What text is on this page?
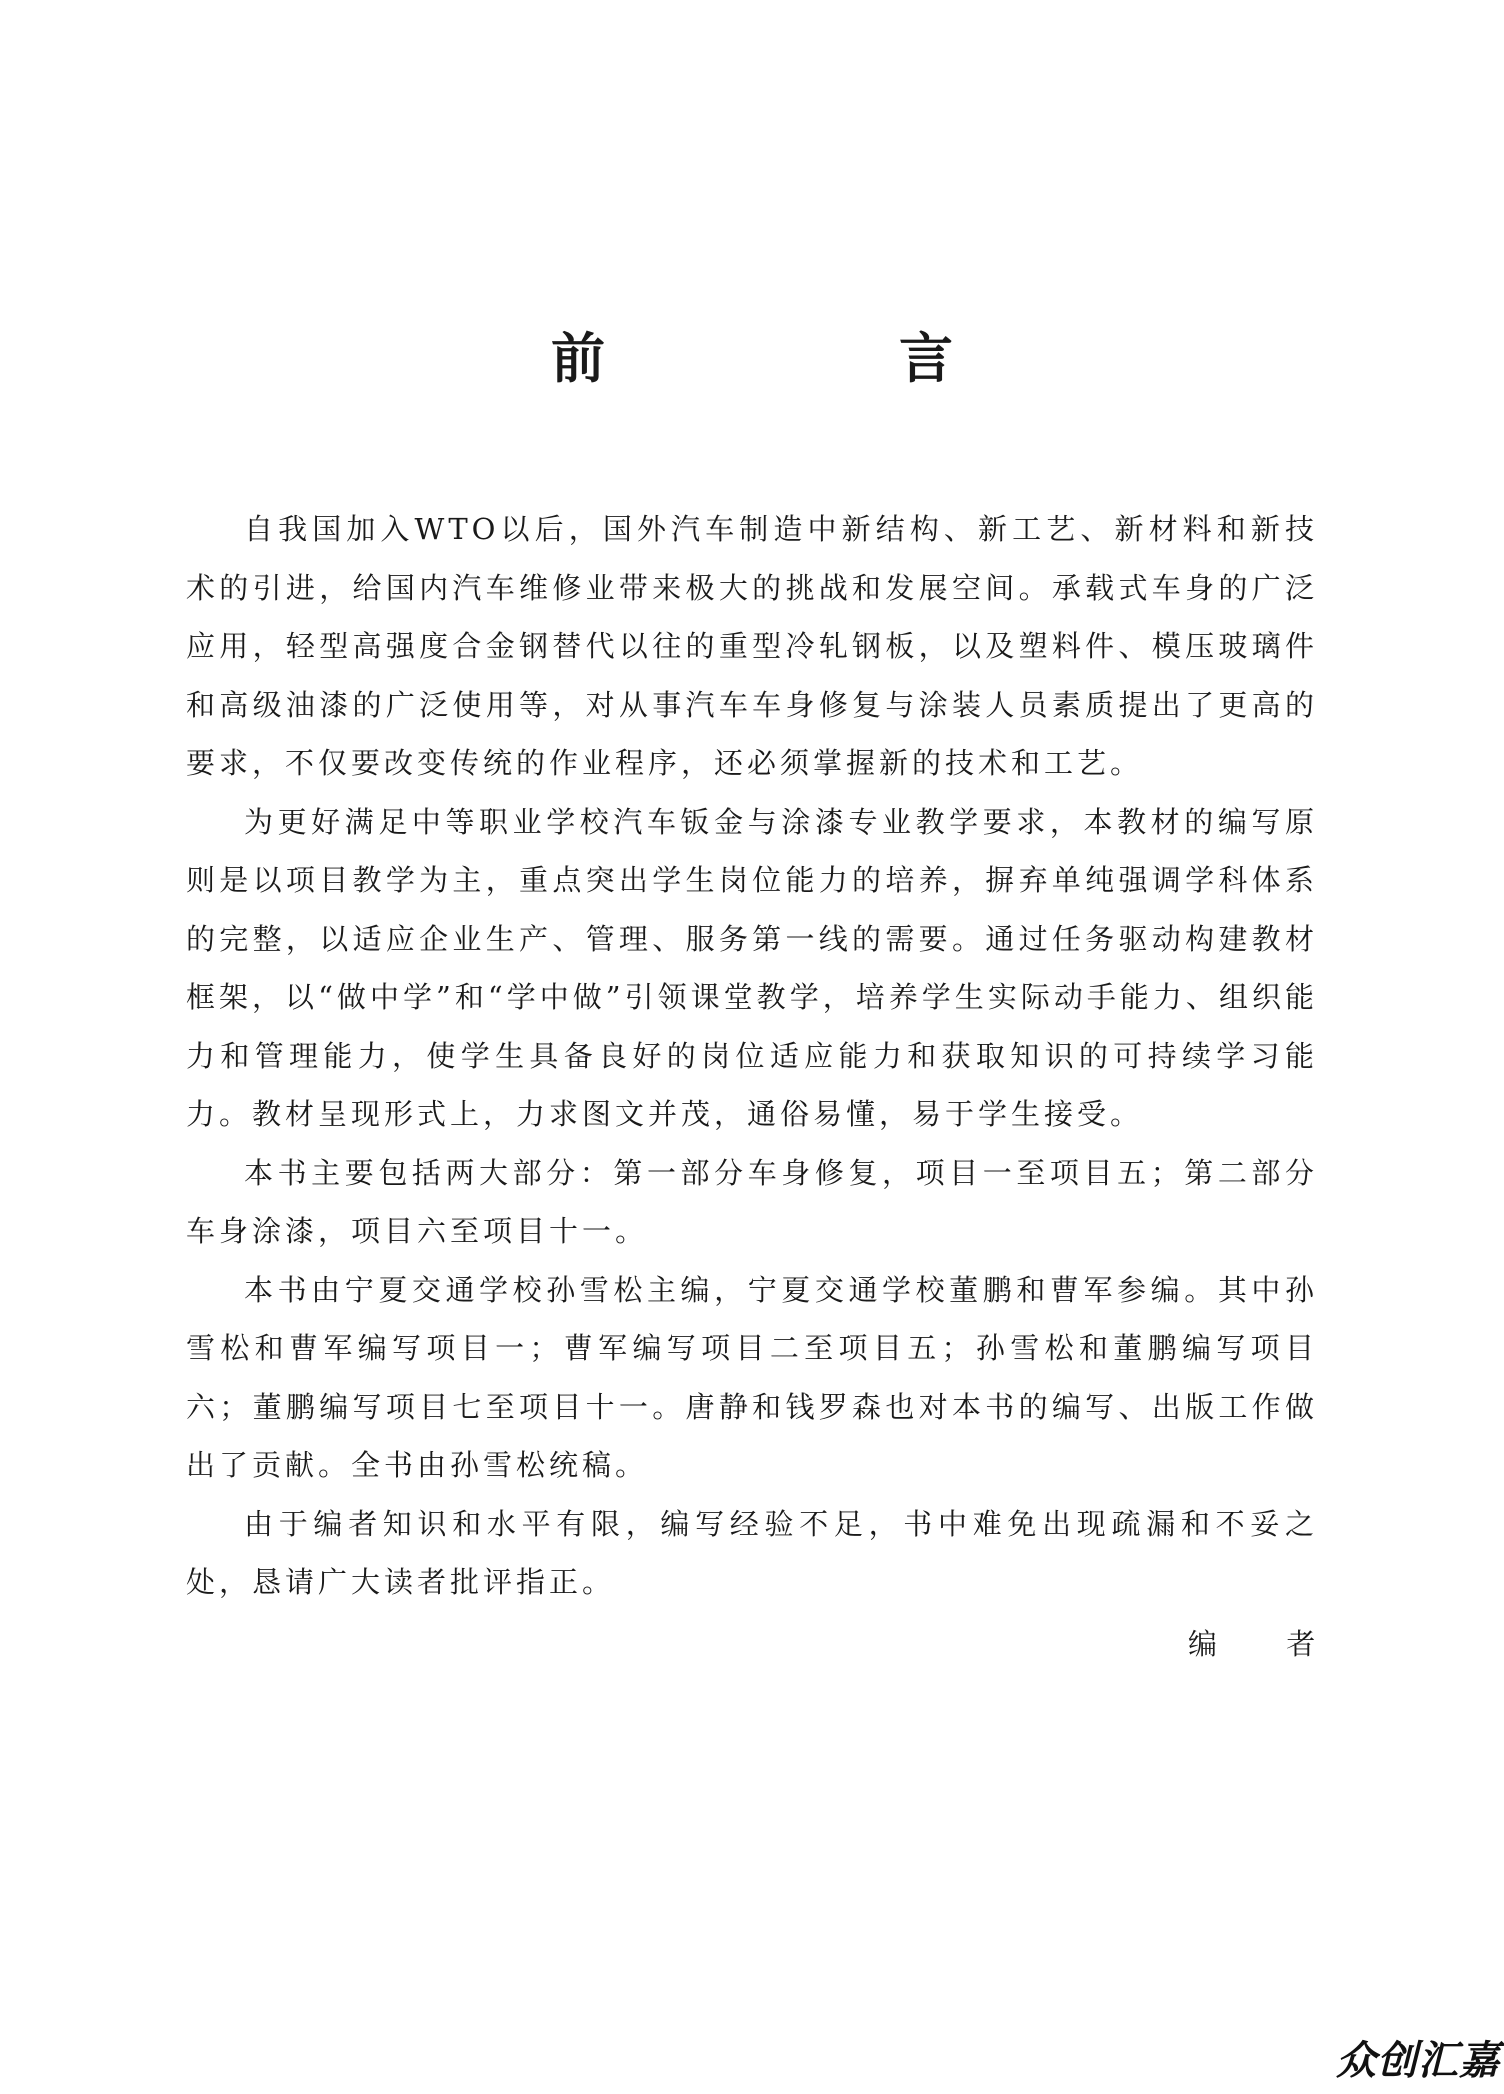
前　言

自我国加入WTO以后，国外汽车制造中新结构、新工艺、新材料和新技术的引进，给国内汽车维修业带来极大的挑战和发展空间。承载式车身的广泛应用，轻型高强度合金钢替代以往的重型冷轧钢板，以及塑料件、模压玻璃件和高级油漆的广泛使用等，对从事汽车车身修复与涂装人员素质提出了更高的要求，不仅要改变传统的作业程序，还必须掌握新的技术和工艺。

为更好满足中等职业学校汽车钣金与涂漆专业教学要求，本教材的编写原则是以项目教学为主，重点突出学生岗位能力的培养，摒弃单纯强调学科体系的完整，以适应企业生产、管理、服务第一线的需要。通过任务驱动构建教材框架，以“做中学”和“学中做”引领课堂教学，培养学生实际动手能力、组织能力和管理能力，使学生具备良好的岗位适应能力和获取知识的可持续学习能力。教材呈现形式上，力求图文并茂，通俗易懂，易于学生接受。

本书主要包括两大部分：第一部分车身修复，项目一至项目五；第二部分车身涂漆，项目六至项目十一。

本书由宁夏交通学校孙雪松主编，宁夏交通学校董鹏和曹军参编。其中孙雪松和曹军编写项目一；曹军编写项目二至项目五；孙雪松和董鹏编写项目六；董鹏编写项目七至项目十一。唐静和钱罗森也对本书的编写、出版工作做出了贡献。全书由孙雪松统稿。

由于编者知识和水平有限，编写经验不足，书中难免出现疏漏和不妥之处，恳请广大读者批评指正。

编 者
众创汇嘉
